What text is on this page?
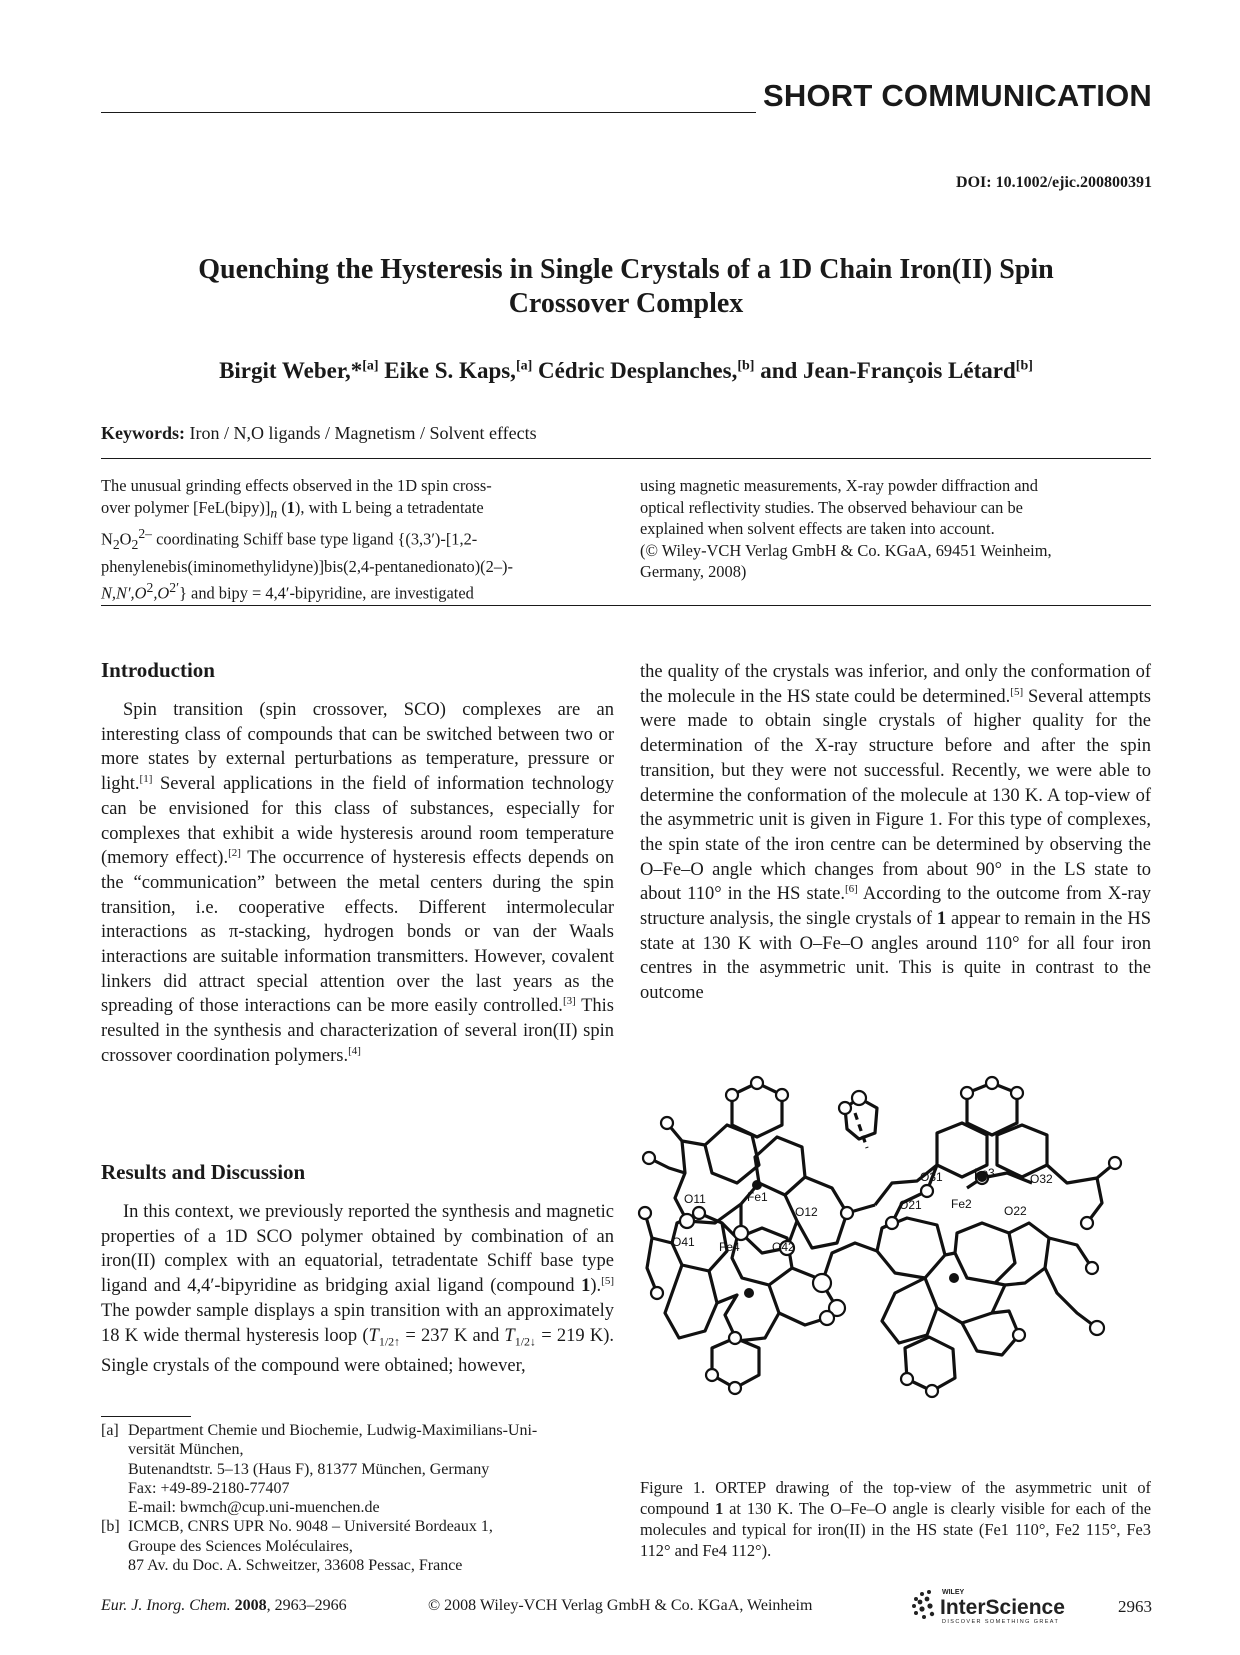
SHORT COMMUNICATION
DOI: 10.1002/ejic.200800391
Quenching the Hysteresis in Single Crystals of a 1D Chain Iron(II) Spin
Crossover Complex
Birgit Weber,*[a] Eike S. Kaps,[a] Cédric Desplanches,[b] and Jean-François Létard[b]
Keywords: Iron / N,O ligands / Magnetism / Solvent effects
The unusual grinding effects observed in the 1D spin cross-
over polymer $[FeL(bipy)]_n$ (1), with L being a tetradentate
$N_2O_2^{2-}$ coordinating Schiff base type ligand {(3,3′)-[1,2-
phenylenebis(iminomethylidyne)]bis(2,4-pentanedionato)(2–)-
$N,N',O^2,O^{2'}$} and bipy = 4,4′-bipyridine, are investigated
using magnetic measurements, X-ray powder diffraction and
optical reflectivity studies. The observed behaviour can be
explained when solvent effects are taken into account.
(© Wiley-VCH Verlag GmbH & Co. KGaA, 69451 Weinheim,
Germany, 2008)
Introduction

Spin transition (spin crossover, SCO) complexes are an interesting class of compounds that can be switched between two or more states by external perturbations as temperature, pressure or light.[1] Several applications in the field of information technology can be envisioned for this class of substances, especially for complexes that exhibit a wide hysteresis around room temperature (memory effect).[2] The occurrence of hysteresis effects depends on the “communication” between the metal centers during the spin transition, i.e. cooperative effects. Different intermolecular interactions as π-stacking, hydrogen bonds or van der Waals interactions are suitable information transmitters. However, covalent linkers did attract special attention over the last years as the spreading of those interactions can be more easily controlled.[3] This resulted in the synthesis and characterization of several iron(II) spin crossover coordination polymers.[4]

Results and Discussion

In this context, we previously reported the synthesis and magnetic properties of a 1D SCO polymer obtained by combination of an iron(II) complex with an equatorial, tetradentate Schiff base type ligand and 4,4′-bipyridine as bridging axial ligand (compound 1).[5] The powder sample displays a spin transition with an approximately 18 K wide thermal hysteresis loop ($T_{1/2↑} = 237$ K and $T_{1/2↓} = 219$ K). Single crystals of the compound were obtained; however,

the quality of the crystals was inferior, and only the conformation of the molecule in the HS state could be determined.[5] Several attempts were made to obtain single crystals of higher quality for the determination of the X-ray structure before and after the spin transition, but they were not successful. Recently, we were able to determine the conformation of the molecule at 130 K. A top-view of the asymmetric unit is given in Figure 1. For this type of complexes, the spin state of the iron centre can be determined by observing the O–Fe–O angle which changes from about 90° in the LS state to about 110° in the HS state.[6] According to the outcome from X-ray structure analysis, the single crystals of 1 appear to remain in the HS state at 130 K with O–Fe–O angles around 110° for all four iron centres in the asymmetric unit. This is quite in contrast to the outcome

O11	Fe1
O12
O31	Fe3	O32
O21 Fe2	O22
O41 Fe4	O42
Figure 1. ORTEP drawing of the top-view of the asymmetric unit of compound 1 at 130 K. The O–Fe–O angle is clearly visible for each of the molecules and typical for iron(II) in the HS state (Fe1 110°, Fe2 115°, Fe3 112° and Fe4 112°).
[a] Department Chemie und Biochemie, Ludwig-Maximilians-Uni-
versität München,
Butenandtstr. 5–13 (Haus F), 81377 München, Germany
Fax: +49-89-2180-77407
E-mail: bwmch@cup.uni-muenchen.de
[b] ICMCB, CNRS UPR No. 9048 – Université Bordeaux 1,
Groupe des Sciences Moléculaires,
87 Av. du Doc. A. Schweitzer, 33608 Pessac, France
Eur. J. Inorg. Chem. 2008, 2963–2966	© 2008 Wiley-VCH Verlag GmbH & Co. KGaA, Weinheim
WILEY
InterScience
DISCOVER SOMETHING GREAT
2963
